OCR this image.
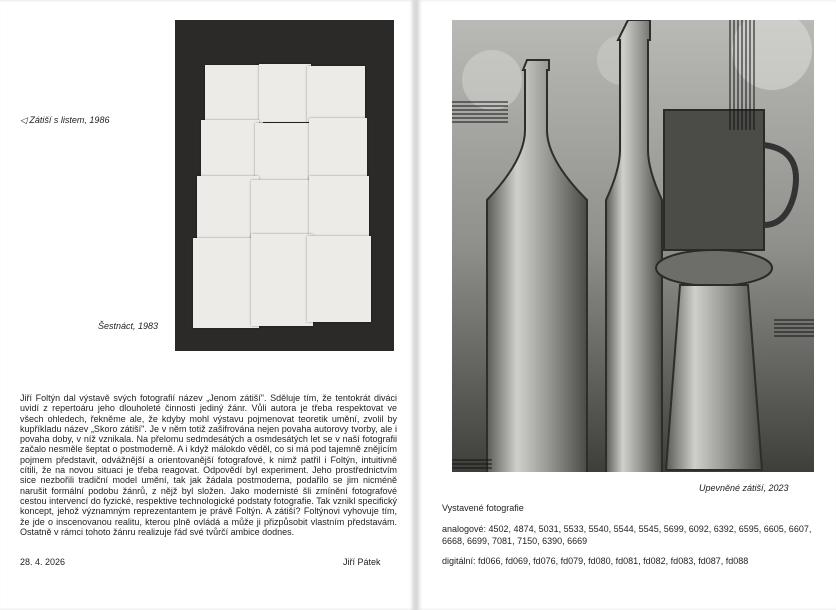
◁ Zátiší s listem, 1986
Šestnáct, 1983
Jiří Foltýn dal výstavě svých fotografií název „Jenom zátiší". Sděluje tím, že tentokrát diváci uvidí z repertoáru jeho dlouholeté činnosti jediný žánr. Vůli autora je třeba respektovat ve všech ohledech, řekněme ale, že kdyby mohl výstavu pojmenovat teoretik umění, zvolil by kupříkladu název „Skoro zátiší". Je v něm totiž zašifrována nejen povaha autorovy tvorby, ale i povaha doby, v níž vznikala. Na přelomu sedmdesátých a osmdesátých let se v naší fotografii začalo nesměle šeptat o postmoderně. A i když málokdo věděl, co si má pod tajemně znějícím pojmem představit, odvážnější a orientovanější fotografové, k nimž patřil i Foltýn, intuitivně cítili, že na novou situaci je třeba reagovat. Odpovědí byl experiment. Jeho prostřednictvím sice nezbořili tradiční model umění, tak jak žádala postmoderna, podařilo se jim nicméně narušit formální podobu žánrů, z nějž byl složen. Jako modernisté šli zmínění fotografové cestou intervencí do fyzické, respektive technologické podstaty fotografie. Tak vznikl specifický koncept, jehož významným reprezentantem je právě Foltýn. A zátiší? Foltýnovi vyhovuje tím, že jde o inscenovanou realitu, kterou plně ovládá a může ji přizpůsobit vlastním představám. Ostatně v rámci tohoto žánru realizuje řád své tvůrčí ambice dodnes.
28. 4. 2026	Jiří Pátek
Upevněné zátiší, 2023
Vystavené fotografie
analogové: 4502, 4874, 5031, 5533, 5540, 5544, 5545, 5699, 6092, 6392, 6595, 6605, 6607, 6668, 6699, 7081, 7150, 6390, 6669
digitální: fd066, fd069, fd076, fd079, fd080, fd081, fd082, fd083, fd087, fd088
